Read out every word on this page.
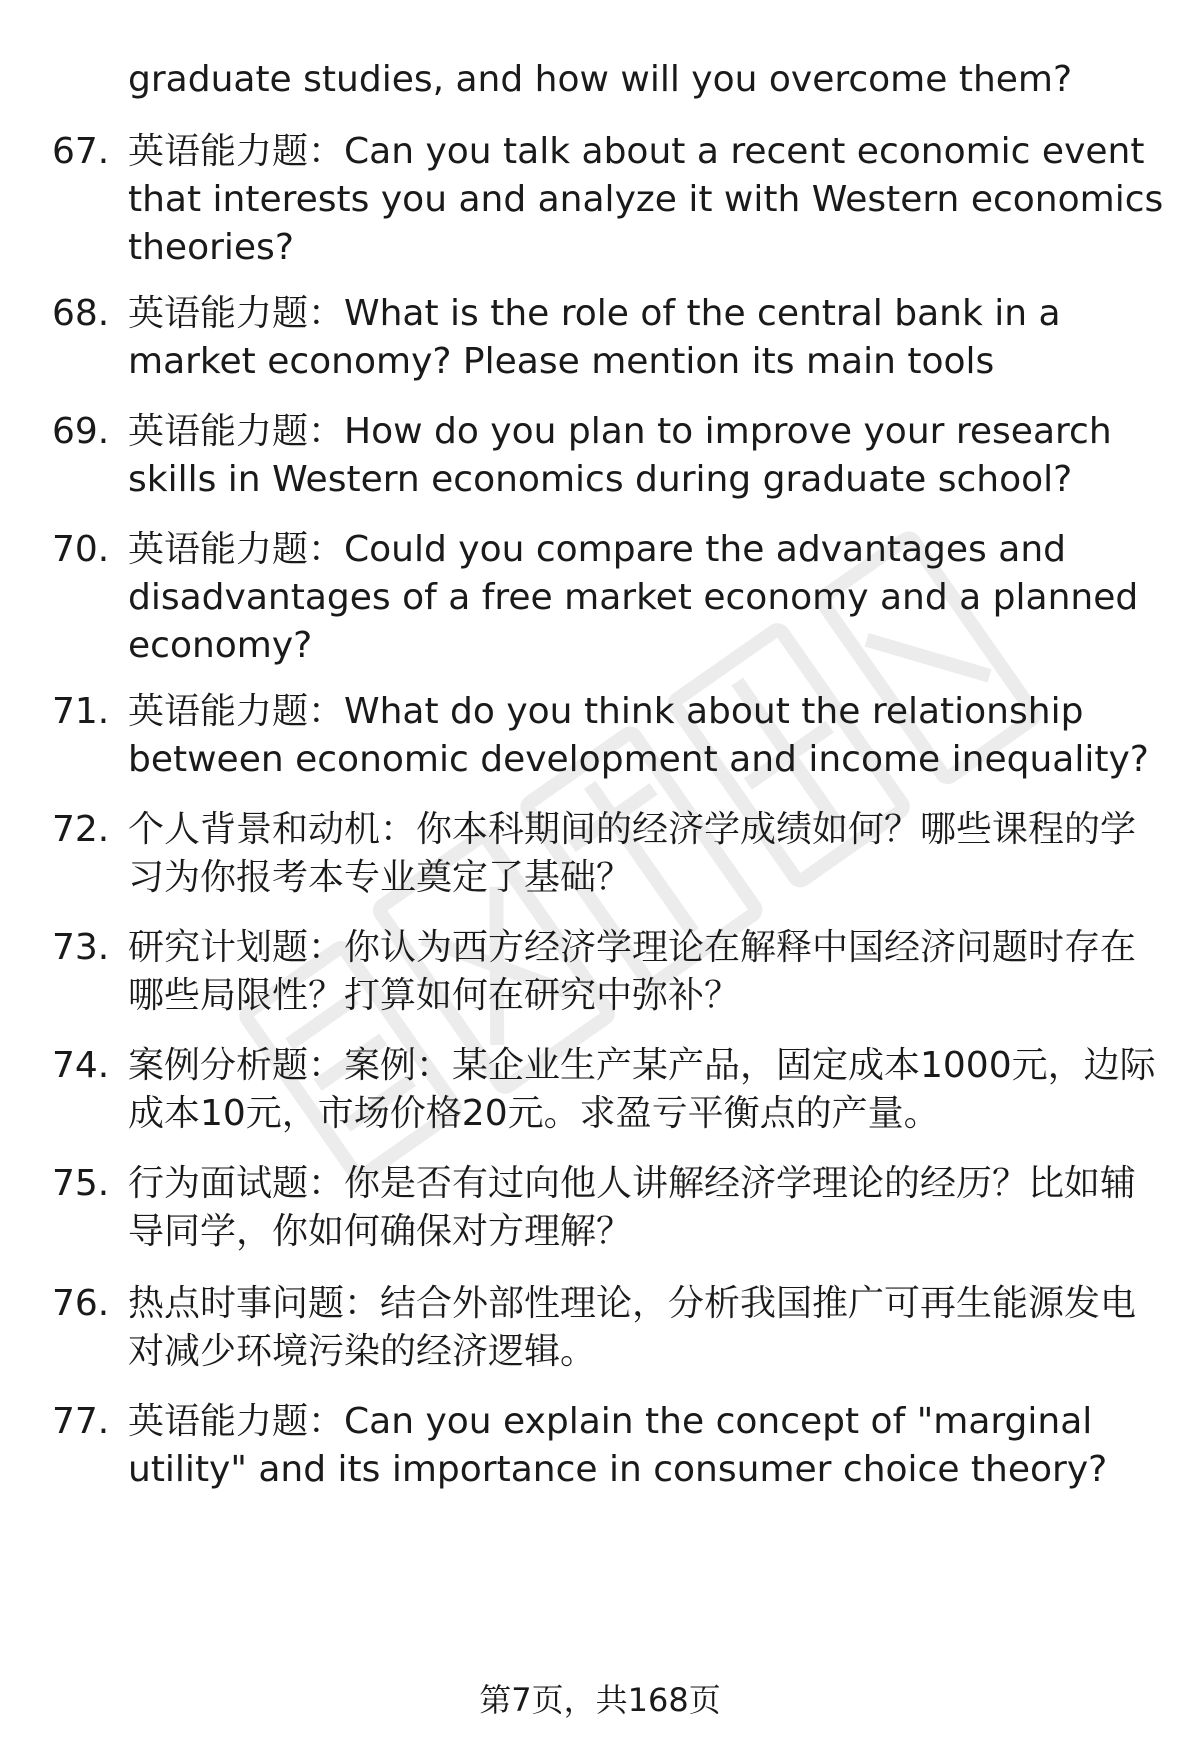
graduate studies, and how will you overcome them?
67. 英语能力题：Can you talk about a recent economic event that interests you and analyze it with Western economics theories?
68. 英语能力题：What is the role of the central bank in a market economy? Please mention its main tools
69. 英语能力题：How do you plan to improve your research skills in Western economics during graduate school?
70. 英语能力题：Could you compare the advantages and disadvantages of a free market economy and a planned economy?
71. 英语能力题：What do you think about the relationship between economic development and income inequality?
72. 个人背景和动机：你本科期间的经济学成绩如何？哪些课程的学习为你报考本专业奠定了基础？
73. 研究计划题：你认为西方经济学理论在解释中国经济问题时存在哪些局限性？打算如何在研究中弥补？
74. 案例分析题：案例：某企业生产某产品，固定成本1000元，边际成本10元，市场价格20元。求盈亏平衡点的产量。
75. 行为面试题：你是否有过向他人讲解经济学理论的经历？比如辅导同学，你如何确保对方理解？
76. 热点时事问题：结合外部性理论，分析我国推广可再生能源发电对减少环境污染的经济逻辑。
77. 英语能力题：Can you explain the concept of "marginal utility" and its importance in consumer choice theory?
第7页，共168页
